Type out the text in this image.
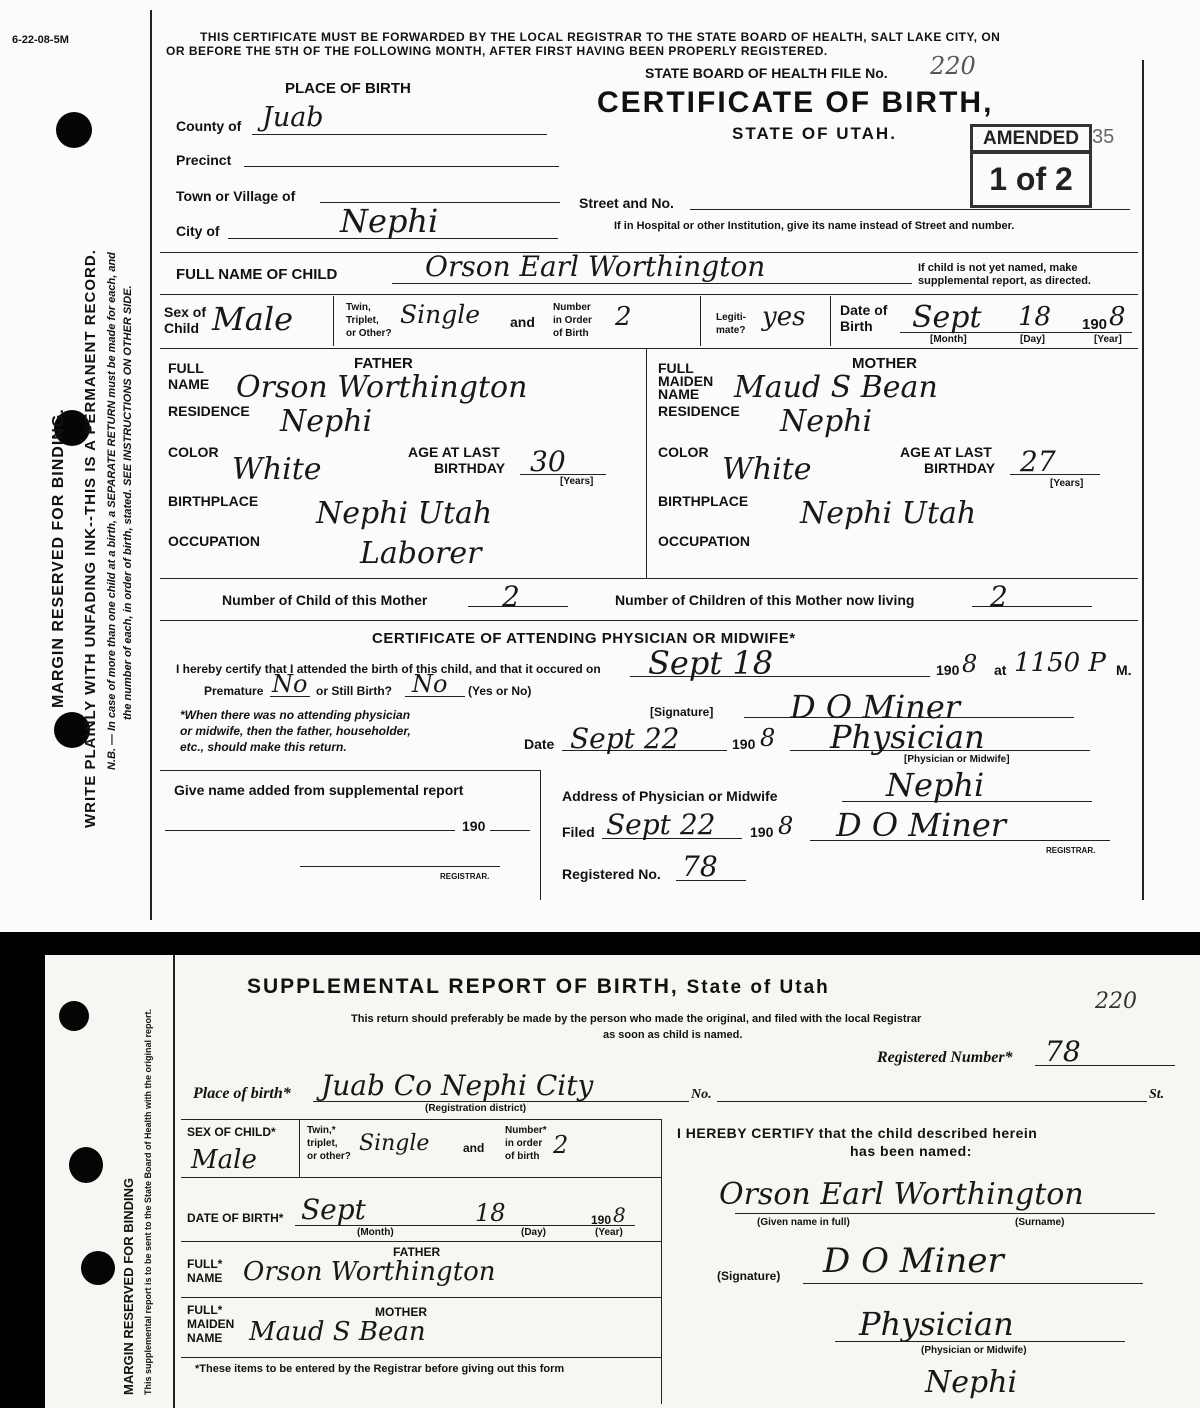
6-22-08-5M
MARGIN RESERVED FOR BINDING. WRITE PLAINLY WITH UNFADING INK--THIS IS A PERMANENT RECORD. N.B. — In case of more than one child at a birth, a SEPARATE RETURN must be made for each, and the number of each, in order of birth, stated. SEE INSTRUCTIONS ON OTHER SIDE.
THIS CERTIFICATE MUST BE FORWARDED BY THE LOCAL REGISTRAR TO THE STATE BOARD OF HEALTH, SALT LAKE CITY, ON
OR BEFORE THE 5TH OF THE FOLLOWING MONTH, AFTER FIRST HAVING BEEN PROPERLY REGISTERED.
STATE BOARD OF HEALTH FILE No. 220
CERTIFICATE OF BIRTH,
STATE OF UTAH.	AMENDED 35
1 of 2
PLACE OF BIRTH
County of Juab
Precinct
Town or Village of
City of	Nephi	Street and No.
If in Hospital or other Institution, give its name instead of Street and number.
FULL NAME OF CHILD	Orson Earl Worthington	If child is not yet named, make
supplemental report, as directed.
Sex of
Child Male	Twin,
Triplet,
or Other?
Single and
Number
in Order
of Birth
2	Legiti-
mate? yes Date of
Birth Sept 18 190 8
[Month]	[Day]	[Year]
FATHER	MOTHER
FULL
NAME Orson Worthington
RESIDENCE Nephi
COLOR White	AGE AT LAST
BIRTHDAY 30
[Years]
BIRTHPLACE Nephi Utah
OCCUPATION	Laborer
FULL
MAIDEN
NAME Maud S Bean
RESIDENCE Nephi
COLOR White	AGE AT LAST
BIRTHDAY 27
[Years]
BIRTHPLACE Nephi Utah
OCCUPATION
Number of Child of this Mother	2	Number of Children of this Mother now living	2
CERTIFICATE OF ATTENDING PHYSICIAN OR MIDWIFE*
I hereby certify that I attended the birth of this child, and that it occured on Sept 18	190 8 at 1150 P M.
Premature No or Still Birth? No (Yes or No)
*When there was no attending physician
or midwife, then the father, householder,
etc., should make this return.
[Signature] D O Miner
Date Sept 22	190 8 Physician
[Physician or Midwife]
Give name added from supplemental report
190
REGISTRAR.
Address of Physician or Midwife	Nephi
Filed Sept 22 190 8 D O Miner
REGISTRAR.
Registered No. 78
MARGIN RESERVED FOR BINDING This supplemental report is to be sent to the State Board of Health with the original report.
SUPPLEMENTAL REPORT OF BIRTH, State of Utah
This return should preferably be made by the person who made the original, and filed with the local Registrar
as soon as child is named.
220
Registered Number* 78
Place of birth* Juab Co Nephi City
(Registration district)
No.	St.
SEX OF CHILD*
Male
Twin,*
triplet,
or other?
Single	and
Number*
in order
of birth 2
DATE OF BIRTH* Sept	18	190 8
(Month)	(Day)	(Year)
FATHER
FULL*
NAME Orson Worthington
MOTHER
FULL*
MAIDEN
NAME Maud S Bean
*These items to be entered by the Registrar before giving out this form
I HEREBY CERTIFY that the child described herein
has been named:
Orson Earl Worthington
(Given name in full)	(Surname)
(Signature) D O Miner
Physician
(Physician or Midwife)
Nephi
